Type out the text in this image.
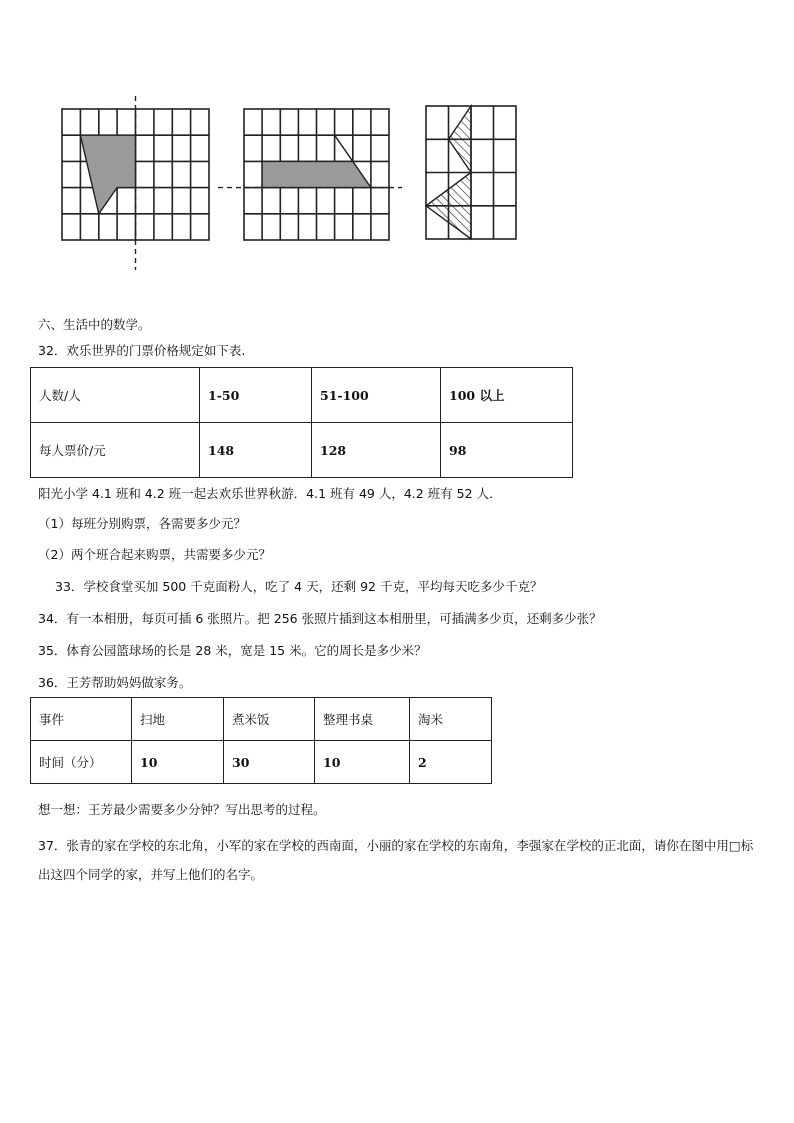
六、生活中的数学。
32．欢乐世界的门票价格规定如下表.
人数/人	1-50	51-100	100 以上
每人票价/元	148	128	98
阳光小学 4.1 班和 4.2 班一起去欢乐世界秋游．4.1 班有 49 人，4.2 班有 52 人．
（1）每班分别购票，各需要多少元？
（2）两个班合起来购票，共需要多少元？
33．学校食堂买加 500 千克面粉人，吃了 4 天，还剩 92 千克，平均每天吃多少千克？
34．有一本相册，每页可插 6 张照片。把 256 张照片插到这本相册里，可插满多少页，还剩多少张？
35．体育公园篮球场的长是 28 米，宽是 15 米。它的周长是多少米？
36．王芳帮助妈妈做家务。
事件	扫地	煮米饭	整理书桌	淘米
时间（分）	10	30	10	2
想一想：王芳最少需要多少分钟？写出思考的过程。
37．张青的家在学校的东北角，小军的家在学校的西南面，小丽的家在学校的东南角，李强家在学校的正北面，请你在图中用□标出这四个同学的家，并写上他们的名字。
